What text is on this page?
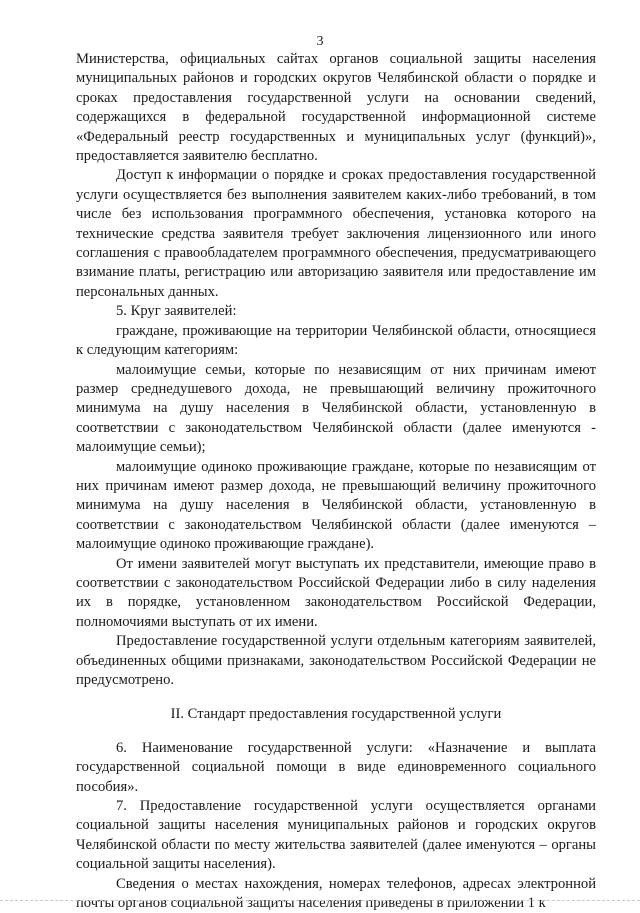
3

Министерства, официальных сайтах органов социальной защиты населения муниципальных районов и городских округов Челябинской области о порядке и сроках предоставления государственной услуги на основании сведений, содержащихся в федеральной государственной информационной системе «Федеральный реестр государственных и муниципальных услуг (функций)», предоставляется заявителю бесплатно.

Доступ к информации о порядке и сроках предоставления государственной услуги осуществляется без выполнения заявителем каких-либо требований, в том числе без использования программного обеспечения, установка которого на технические средства заявителя требует заключения лицензионного или иного соглашения с правообладателем программного обеспечения, предусматривающего взимание платы, регистрацию или авторизацию заявителя или предоставление им персональных данных.

5. Круг заявителей:

граждане, проживающие на территории Челябинской области, относящиеся к следующим категориям:

малоимущие семьи, которые по независящим от них причинам имеют размер среднедушевого дохода, не превышающий величину прожиточного минимума на душу населения в Челябинской области, установленную в соответствии с законодательством Челябинской области (далее именуются - малоимущие семьи);

малоимущие одиноко проживающие граждане, которые по независящим от них причинам имеют размер дохода, не превышающий величину прожиточного минимума на душу населения в Челябинской области, установленную в соответствии с законодательством Челябинской области (далее именуются – малоимущие одиноко проживающие граждане).

От имени заявителей могут выступать их представители, имеющие право в соответствии с законодательством Российской Федерации либо в силу наделения их в порядке, установленном законодательством Российской Федерации, полномочиями выступать от их имени.

Предоставление государственной услуги отдельным категориям заявителей, объединенных общими признаками, законодательством Российской Федерации не предусмотрено.

II. Стандарт предоставления государственной услуги

6. Наименование государственной услуги: «Назначение и выплата государственной социальной помощи в виде единовременного социального пособия».

7. Предоставление государственной услуги осуществляется органами социальной защиты населения муниципальных районов и городских округов Челябинской области по месту жительства заявителей (далее именуются – органы социальной защиты населения).

Сведения о местах нахождения, номерах телефонов, адресах электронной почты органов социальной защиты населения приведены в приложении 1 к
